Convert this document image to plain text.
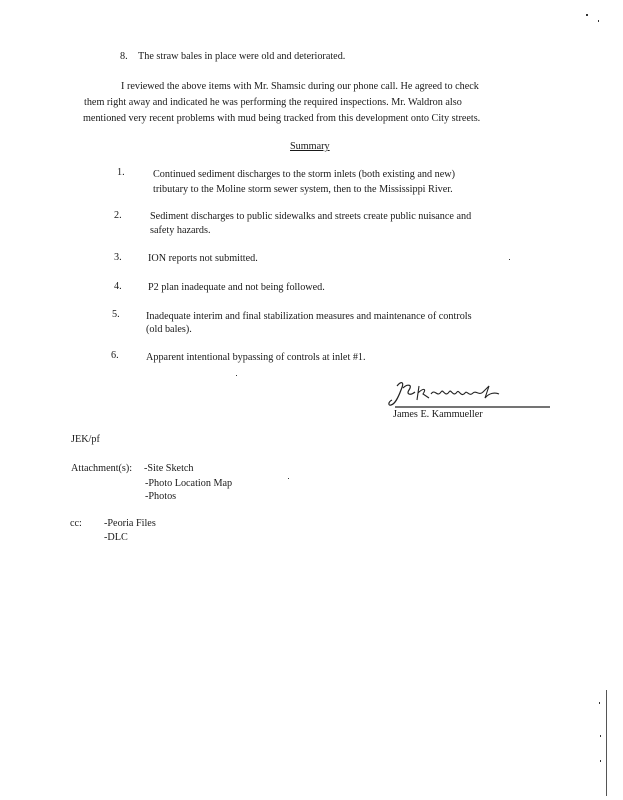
8. The straw bales in place were old and deteriorated.
I reviewed the above items with Mr. Shamsic during our phone call. He agreed to check
them right away and indicated he was performing the required inspections. Mr. Waldron also
mentioned very recent problems with mud being tracked from this development onto City streets.
Summary
1.	Continued sediment discharges to the storm inlets (both existing and new)
tributary to the Moline storm sewer system, then to the Mississippi River.
2.	Sediment discharges to public sidewalks and streets create public nuisance and
safety hazards.
3.	ION reports not submitted.
4.	P2 plan inadequate and not being followed.
5.	Inadequate interim and final stabilization measures and maintenance of controls
(old bales).
6.	Apparent intentional bypassing of controls at inlet #1.
James E. Kammueller
JEK/pf
Attachment(s): -Site Sketch
-Photo Location Map
-Photos
cc: -Peoria Files
-DLC
